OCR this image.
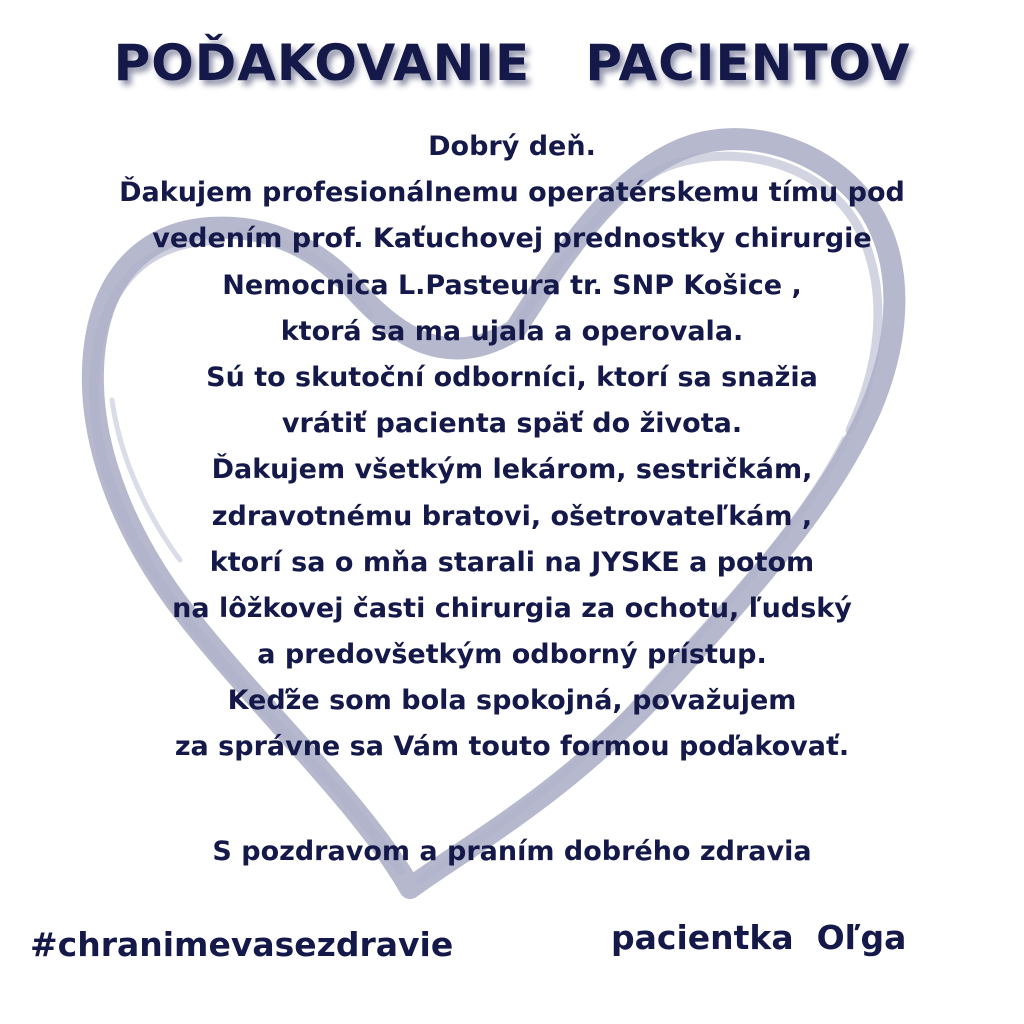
POĎAKOVANIE   PACIENTOV
Dobrý deň.
Ďakujem profesionálnemu operatérskemu tímu pod
vedením prof. Kaťuchovej prednostky chirurgie
Nemocnica L.Pasteura tr. SNP Košice ,
ktorá sa ma ujala a operovala.
Sú to skutoční odborníci, ktorí sa snažia
vrátiť pacienta späť do života.
Ďakujem všetkým lekárom, sestričkám,
zdravotnému bratovi, ošetrovateľkám ,
ktorí sa o mňa starali na JYSKE a potom
na lôžkovej časti chirurgia za ochotu, ľudský
a predovšetkým odborný prístup.
Keďže som bola spokojná, považujem
za správne sa Vám touto formou poďakovať.
S pozdravom a praním dobrého zdravia
#chranimevasezdravie	pacientka  Oľga
